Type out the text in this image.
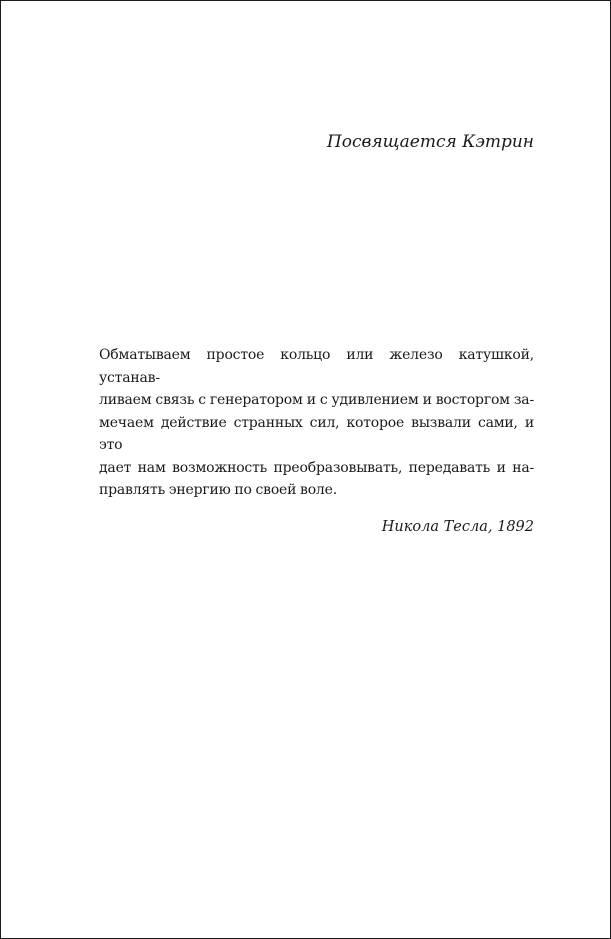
Посвящается Кэтрин

Обматываем простое кольцо или железо катушкой, устанав-
ливаем связь с генератором и с удивлением и восторгом за-
мечаем действие странных сил, которое вызвали сами, и это
дает нам возможность преобразовывать, передавать и на-
правлять энергию по своей воле.

Никола Тесла, 1892
